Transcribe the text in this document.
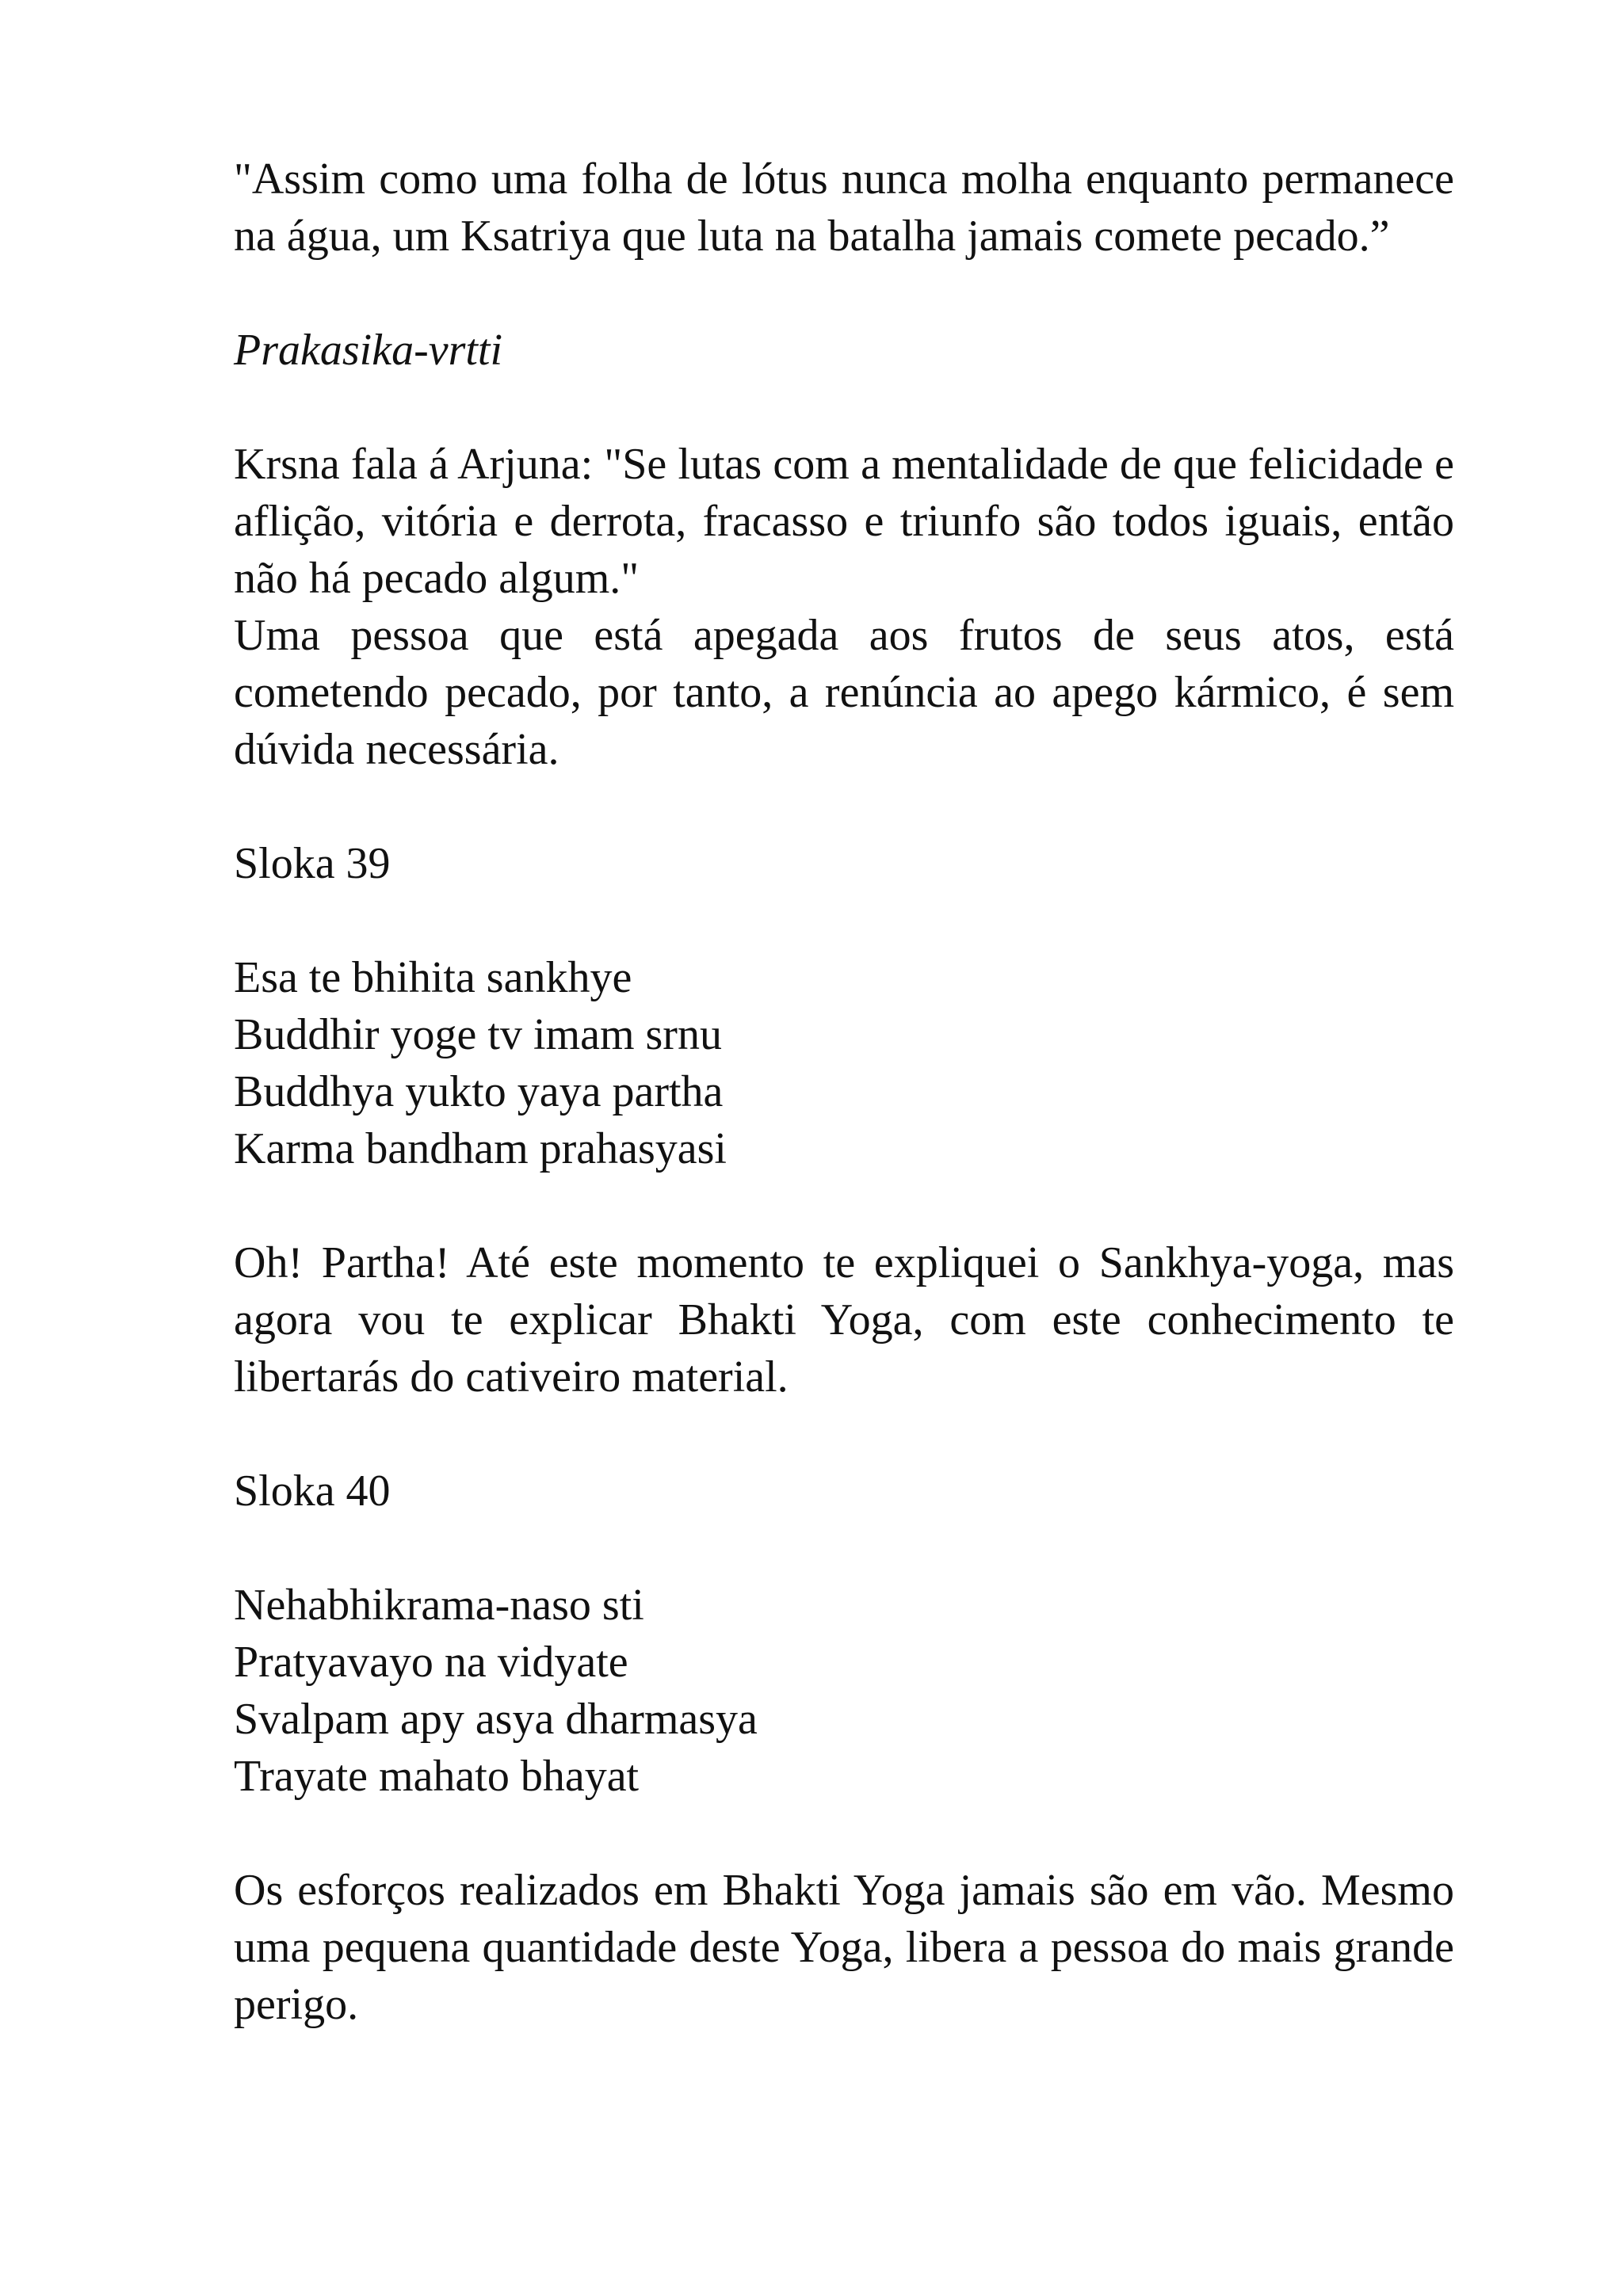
"Assim como uma folha de lótus nunca molha enquanto permanece na água, um Ksatriya que luta na batalha jamais comete pecado.”

Prakasika-vrtti

Krsna fala á Arjuna: "Se lutas com a mentalidade de que felicidade e aflição, vitória e derrota, fracasso e triunfo são todos iguais, então não há pecado algum."

Uma pessoa que está apegada aos frutos de seus atos, está cometendo pecado, por tanto, a renúncia ao apego kármico, é sem dúvida necessária.

Sloka 39

Esa te bhihita sankhye

Buddhir yoge tv imam srnu

Buddhya yukto yaya partha

Karma bandham prahasyasi

Oh! Partha! Até este momento te expliquei o Sankhya-yoga, mas agora vou te explicar Bhakti Yoga, com este conhecimento te libertarás do cativeiro material.

Sloka 40

Nehabhikrama-naso sti

Pratyavayo na vidyate

Svalpam apy asya dharmasya

Trayate mahato bhayat

Os esforços realizados em Bhakti Yoga jamais são em vão. Mesmo uma pequena quantidade deste Yoga, libera a pessoa do mais grande perigo.
